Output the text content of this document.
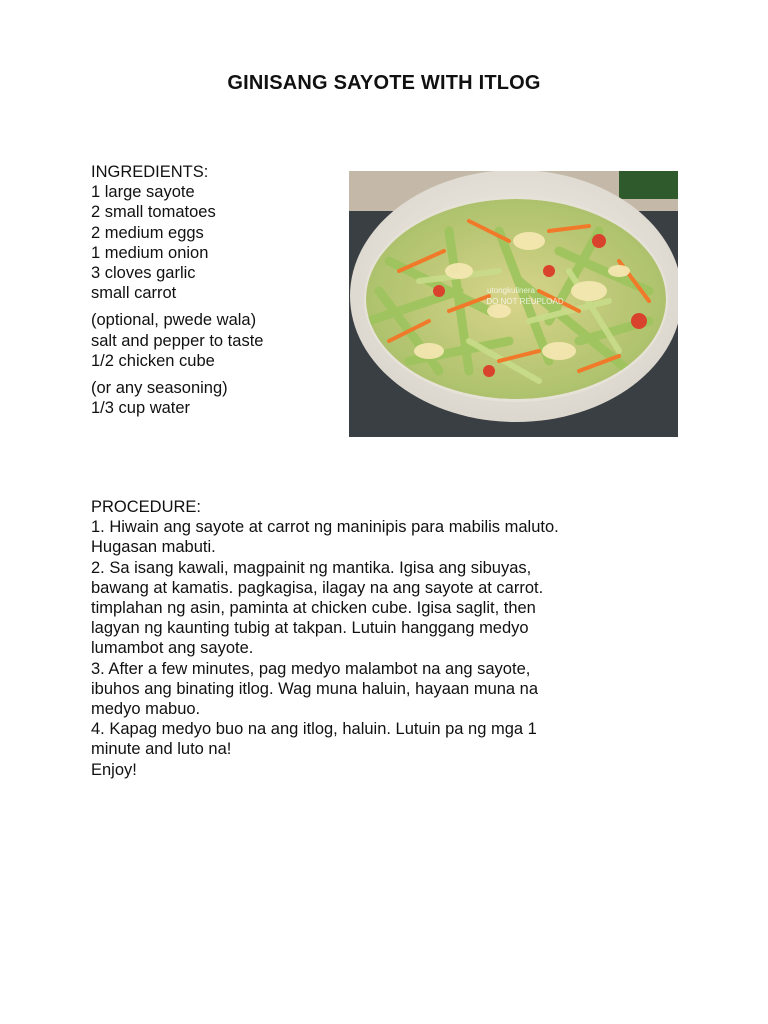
GINISANG SAYOTE WITH ITLOG
INGREDIENTS:
1 large sayote
2 small tomatoes
2 medium eggs
1 medium onion
3 cloves garlic
small carrot
(optional, pwede wala)
salt and pepper to taste
1/2 chicken cube
(or any seasoning)
1/3 cup water
utongkulinera
DO NOT REUPLOAD
PROCEDURE:
1. Hiwain ang sayote at carrot ng maninipis para mabilis maluto.
Hugasan mabuti.
2. Sa isang kawali, magpainit ng mantika. Igisa ang sibuyas,
bawang at kamatis. pagkagisa, ilagay na ang sayote at carrot.
timplahan ng asin, paminta at chicken cube. Igisa saglit, then
lagyan ng kaunting tubig at takpan. Lutuin hanggang medyo
lumambot ang sayote.
3. After a few minutes, pag medyo malambot na ang sayote,
ibuhos ang binating itlog. Wag muna haluin, hayaan muna na
medyo mabuo.
4. Kapag medyo buo na ang itlog, haluin. Lutuin pa ng mga 1
minute and luto na!
Enjoy!
